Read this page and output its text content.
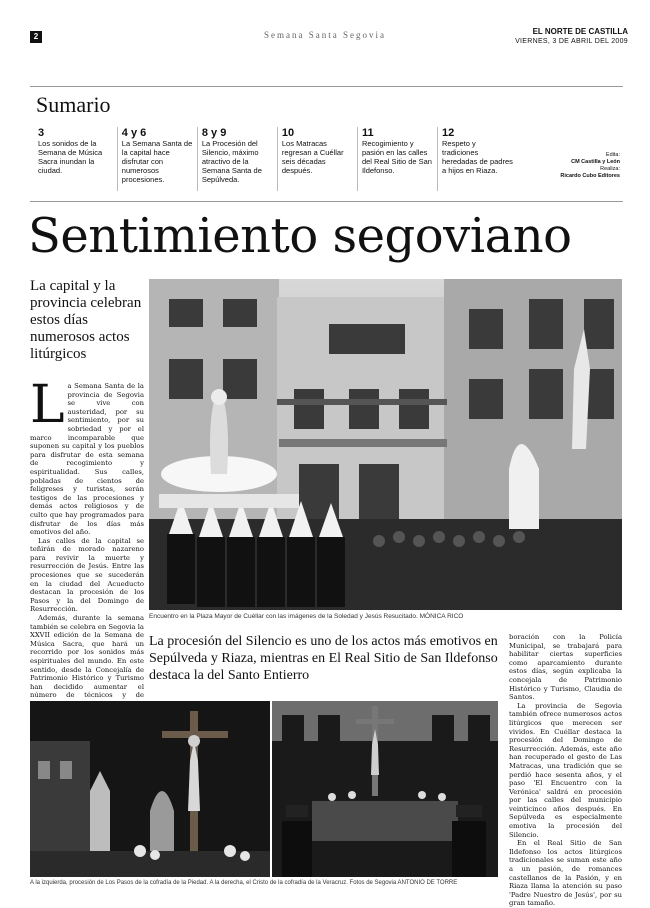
2	Semana Santa Segovia	EL NORTE DE CASTILLA
VIERNES, 3 DE ABRIL DEL 2009
Sumario
3
Los sonidos de la Semana de Música Sacra inundan la ciudad.
4 y 6
La Semana Santa de la capital hace disfrutar con numerosos procesiones.
8 y 9
La Procesión del Silencio, máximo atractivo de la Semana Santa de Sepúlveda.
10
Los Matracas regresan a Cuéllar seis décadas después.
11
Recogimiento y pasión en las calles del Real Sitio de San Ildefonso.
12
Respeto y tradiciones heredadas de padres a hijos en Riaza.
Edita:
CM Castilla y León
Realiza:
Ricardo Cubo Editores
Sentimiento segoviano
La capital y la provincia celebran estos días numerosos actos litúrgicos
L a Semana Santa de la provincia de Segovia se vive con austeridad, por su sentimiento, por su sobriedad y por el marco incomparable que suponen su capital y los pueblos para disfrutar de esta semana de recogimiento y espiritualidad. Sus calles, pobladas de cientos de feligreses y turistas, serán testigos de las procesiones y demás actos religiosos y de culto que hay programados para disfrutar de los días más emotivos del año.

Las calles de la capital se teñirán de morado nazareno para revivir la muerte y resurrección de Jesús. Entre las procesiones que se sucederán en la ciudad del Acueducto destacan la procesión de los Pasos y la del Domingo de Resurrección.

Además, durante la semana también se celebra en Segovia la XXVII edición de la Semana de Música Sacra, que hará un recorrido por los sonidos más espirituales del mundo. En este sentido, desde la Concejalía de Patrimonio Histórico y Turismo han decidido aumentar el número de técnicos y de

Encuentro en la Plaza Mayor de Cuéllar con las imágenes de la Soledad y Jesús Resucitado. MÓNICA RICO
La procesión del Silencio es uno de los actos más emotivos en Sepúlveda y Riaza, mientras en El Real Sitio de San Ildefonso destaca la del Santo Entierro

boración con la Policía Municipal, se trabajará para habilitar ciertas superficies como aparcamiento durante estos días, según explicaba la concejala de Patrimonio Histórico y Turismo, Claudia de Santos.

La provincia de Segovia también ofrece numerosos actos litúrgicos que merecen ser vividos. En Cuéllar destaca la procesión del Domingo de Resurrección. Además, este año han recuperado el gesto de Las Matracas, una tradición que se perdió hace sesenta años, y el paso 'El Encuentro con la Verónica' saldrá en procesión por las calles del municipio veinticinco años después. En Sepúlveda es especialmente emotiva la procesión del Silencio.

En el Real Sitio de San Ildefonso los actos litúrgicos tradicionales se suman este año a un pasión, de romances castellanos de la Pasión, y en Riaza llama la atención su paso 'Padre Nuestro de Jesús', por su gran tamaño.

A la izquierda, procesión de Los Pasos de la cofradía de la Piedad. A la derecha, el Cristo de la cofradía de la Veracruz. Fotos de Segovia ANTONIO DE TORRE
